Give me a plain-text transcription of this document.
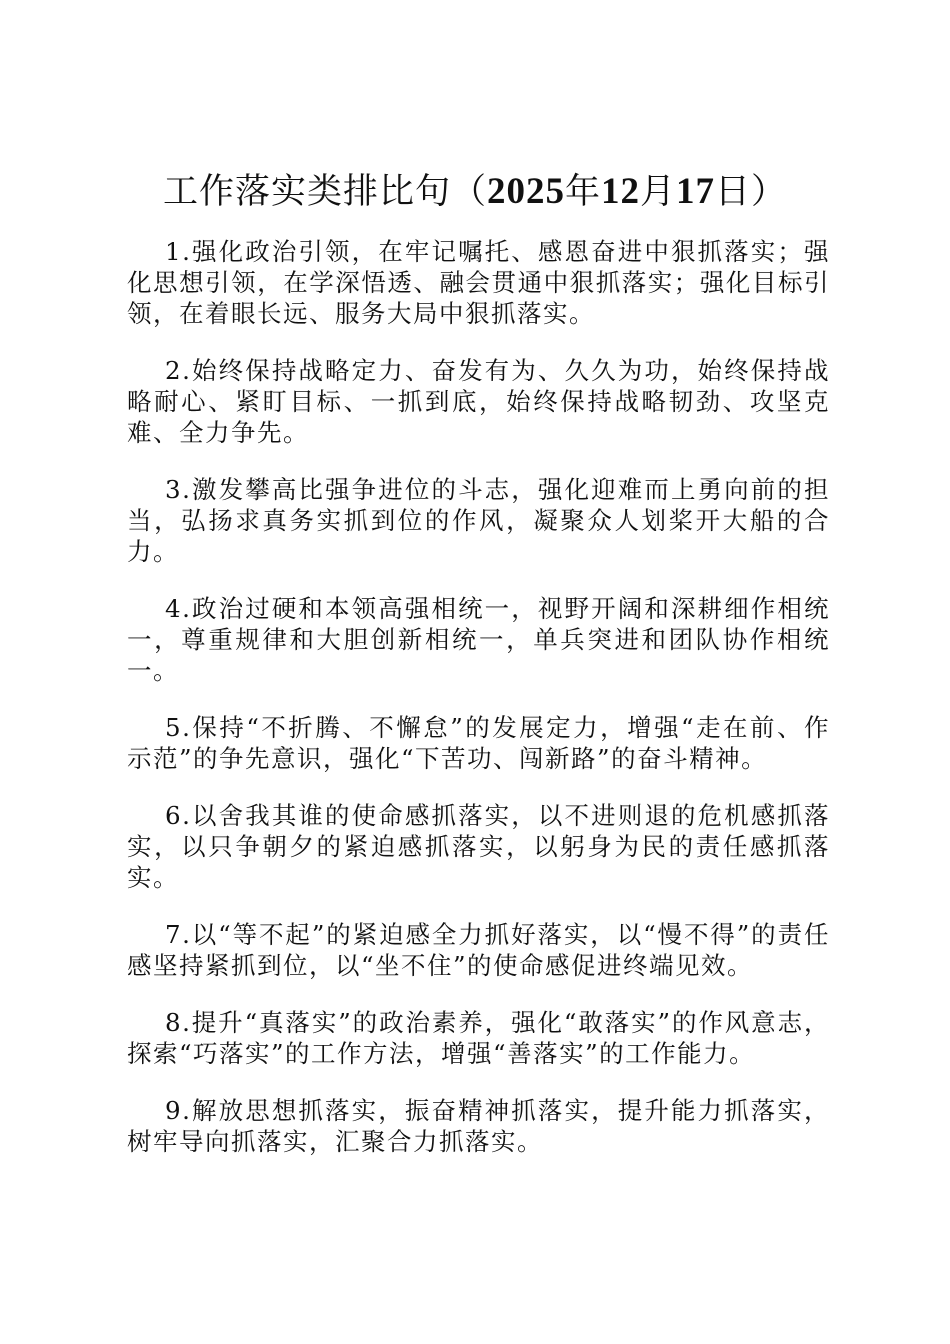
工作落实类排比句（2025年12月17日）

1.强化政治引领，在牢记嘱托、感恩奋进中狠抓落实；强化思想引领，在学深悟透、融会贯通中狠抓落实；强化目标引领，在着眼长远、服务大局中狠抓落实。

2.始终保持战略定力、奋发有为、久久为功，始终保持战略耐心、紧盯目标、一抓到底，始终保持战略韧劲、攻坚克难、全力争先。

3.激发攀高比强争进位的斗志，强化迎难而上勇向前的担当，弘扬求真务实抓到位的作风，凝聚众人划桨开大船的合力。

4.政治过硬和本领高强相统一，视野开阔和深耕细作相统一，尊重规律和大胆创新相统一，单兵突进和团队协作相统一。

5.保持“不折腾、不懈怠”的发展定力，增强“走在前、作示范”的争先意识，强化“下苦功、闯新路”的奋斗精神。

6.以舍我其谁的使命感抓落实，以不进则退的危机感抓落实，以只争朝夕的紧迫感抓落实，以躬身为民的责任感抓落实。

7.以“等不起”的紧迫感全力抓好落实，以“慢不得”的责任感坚持紧抓到位，以“坐不住”的使命感促进终端见效。

8.提升“真落实”的政治素养，强化“敢落实”的作风意志，探索“巧落实”的工作方法，增强“善落实”的工作能力。

9.解放思想抓落实，振奋精神抓落实，提升能力抓落实，树牢导向抓落实，汇聚合力抓落实。
